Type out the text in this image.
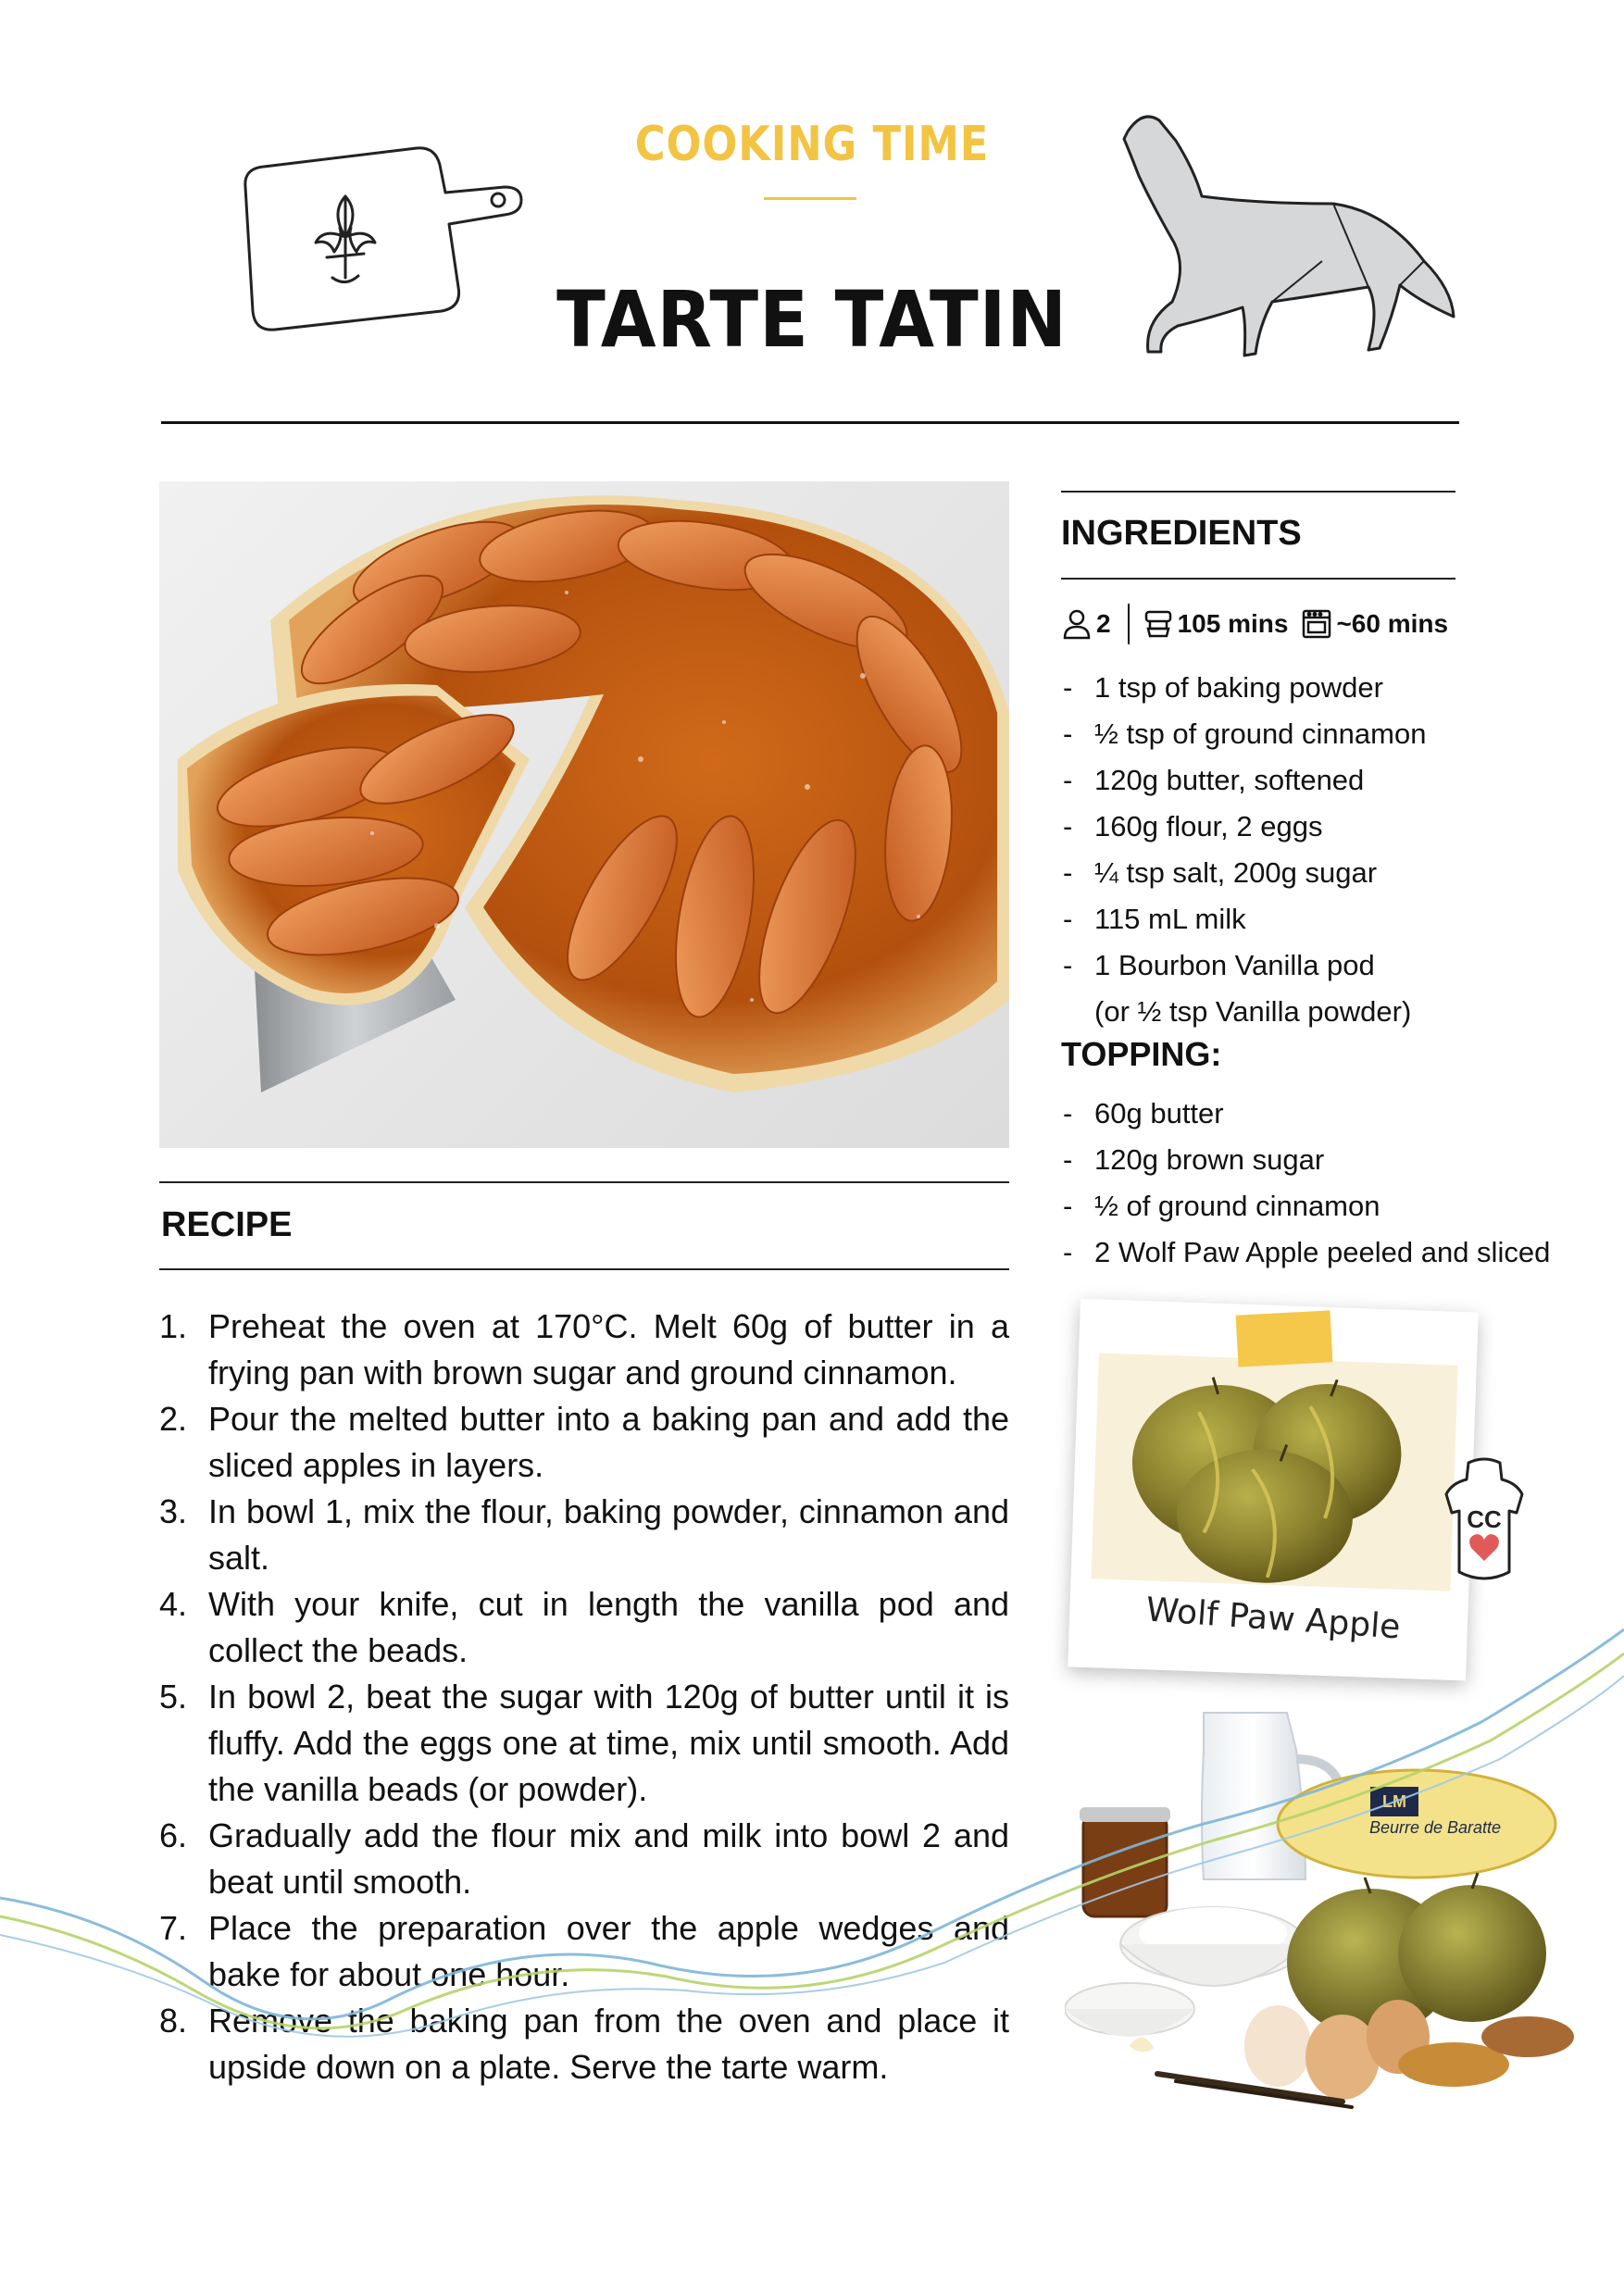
COOKING TIME
TARTE TATIN
RECIPE
1. Preheat the oven at 170°C. Melt 60g of butter in a frying pan with brown sugar and ground cinnamon.
2. Pour the melted butter into a baking pan and add the sliced apples in layers.
3. In bowl 1, mix the flour, baking powder, cinnamon and salt.
4. With your knife, cut in length the vanilla pod and collect the beads.
5. In bowl 2, beat the sugar with 120g of butter until it is fluffy. Add the eggs one at time, mix until smooth. Add the vanilla beads (or powder).
6. Gradually add the flour mix and milk into bowl 2 and beat until smooth.
7. Place the preparation over the apple wedges and bake for about one hour.
8. Remove the baking pan from the oven and place it upside down on a plate. Serve the tarte warm.
INGREDIENTS
2	105 mins ~60 mins
- 1 tsp of baking powder
- ½ tsp of ground cinnamon
- 120g butter, softened
- 160g flour, 2 eggs
- ¼ tsp salt, 200g sugar
- 115 mL milk
- 1 Bourbon Vanilla pod
(or ½ tsp Vanilla powder)
TOPPING:
- 60g butter
- 120g brown sugar
- ½ of ground cinnamon
- 2 Wolf Paw Apple peeled and sliced
Wolf Paw Apple
CC
LM
Beurre de Baratte
